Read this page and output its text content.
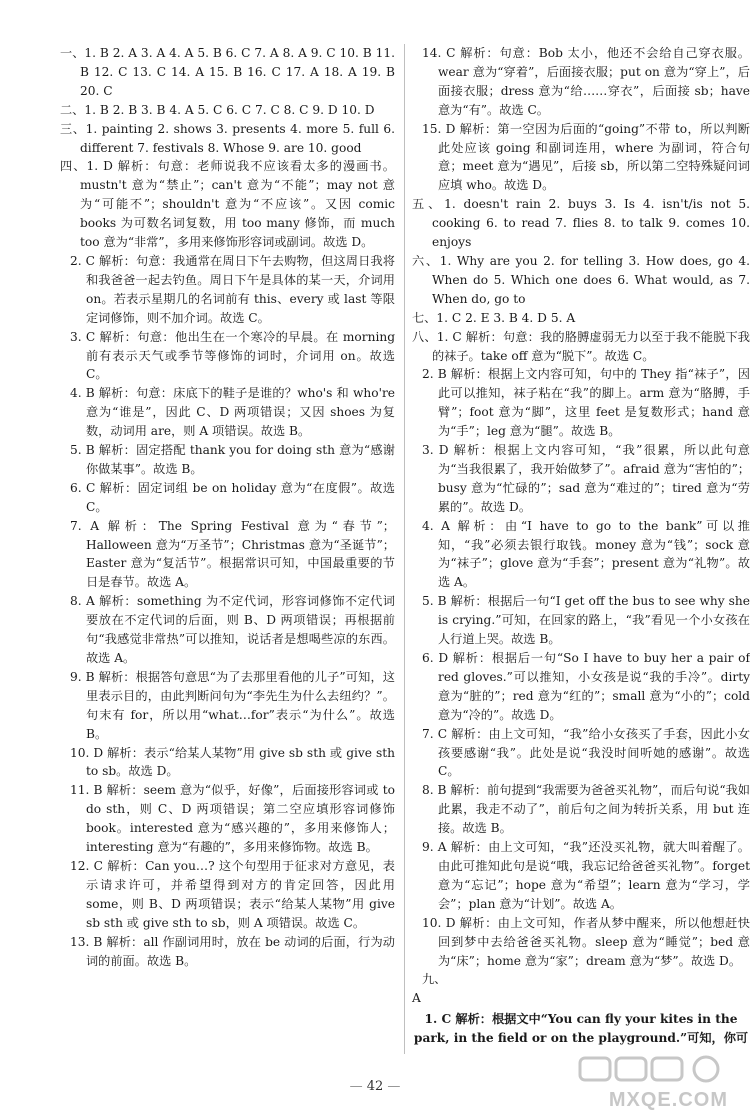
一、1. B 2. A 3. A 4. A 5. B 6. C 7. A 8. A 9. C 10. B 11. B 12. C 13. C 14. A 15. B 16. C 17. A 18. A 19. B 20. C

二、1. B 2. B 3. B 4. A 5. C 6. C 7. C 8. C 9. D 10. D

三、1. painting 2. shows 3. presents 4. more 5. full 6. different 7. festivals 8. Whose 9. are 10. good

四、1. D 解析：句意：老师说我不应该看太多的漫画书。mustn't 意为“禁止”；can't 意为“不能”；may not 意为“可能不”；shouldn't 意为“不应该”。又因 comic books 为可数名词复数，用 too many 修饰，而 much too 意为“非常”，多用来修饰形容词或副词。故选 D。

2. C 解析：句意：我通常在周日下午去购物，但这周日我将和我爸爸一起去钓鱼。周日下午是具体的某一天，介词用 on。若表示星期几的名词前有 this、every 或 last 等限定词修饰，则不加介词。故选 C。

3. C 解析：句意：他出生在一个寒冷的早晨。在 morning 前有表示天气或季节等修饰的词时，介词用 on。故选 C。

4. B 解析：句意：床底下的鞋子是谁的？who's 和 who're 意为“谁是”，因此 C、D 两项错误；又因 shoes 为复数，动词用 are，则 A 项错误。故选 B。

5. B 解析：固定搭配 thank you for doing sth 意为“感谢你做某事”。故选 B。

6. C 解析：固定词组 be on holiday 意为“在度假”。故选 C。

7. A 解析：The Spring Festival 意为“春节”；Halloween 意为“万圣节”；Christmas 意为“圣诞节”；Easter 意为“复活节”。根据常识可知，中国最重要的节日是春节。故选 A。

8. A 解析：something 为不定代词，形容词修饰不定代词要放在不定代词的后面，则 B、D 两项错误；再根据前句“我感觉非常热”可以推知，说话者是想喝些凉的东西。故选 A。

9. B 解析：根据答句意思“为了去那里看他的儿子”可知，这里表示目的，由此判断问句为“李先生为什么去纽约？”。句末有 for，所以用“what…for”表示“为什么”。故选 B。

10. D 解析：表示“给某人某物”用 give sb sth 或 give sth to sb。故选 D。

11. B 解析：seem 意为“似乎，好像”，后面接形容词或 to do sth，则 C、D 两项错误；第二空应填形容词修饰 book。interested 意为“感兴趣的”，多用来修饰人；interesting 意为“有趣的”，多用来修饰物。故选 B。

12. C 解析：Can you…? 这个句型用于征求对方意见，表示请求许可，并希望得到对方的肯定回答，因此用 some，则 B、D 两项错误；表示“给某人某物”用 give sb sth 或 give sth to sb，则 A 项错误。故选 C。

13. B 解析：all 作副词用时，放在 be 动词的后面，行为动词的前面。故选 B。

14. C 解析：句意：Bob 太小，他还不会给自己穿衣服。wear 意为“穿着”，后面接衣服；put on 意为“穿上”，后面接衣服；dress 意为“给……穿衣”，后面接 sb；have 意为“有”。故选 C。

15. D 解析：第一空因为后面的“going”不带 to，所以判断此处应该 going 和副词连用，where 为副词，符合句意；meet 意为“遇见”，后接 sb，所以第二空特殊疑问词应填 who。故选 D。

五、1. doesn't rain 2. buys 3. Is 4. isn't/is not 5. cooking 6. to read 7. flies 8. to talk 9. comes 10. enjoys

六、1. Why are you 2. for telling 3. How does, go 4. When do 5. Which one does 6. What would, as 7. When do, go to

七、1. C 2. E 3. B 4. D 5. A

八、1. C 解析：句意：我的胳膊虚弱无力以至于我不能脱下我的袜子。take off 意为“脱下”。故选 C。

2. B 解析：根据上文内容可知，句中的 They 指“袜子”，因此可以推知，袜子粘在“我”的脚上。arm 意为“胳膊，手臂”；foot 意为“脚”，这里 feet 是复数形式；hand 意为“手”；leg 意为“腿”。故选 B。

3. D 解析：根据上文内容可知，“我”很累，所以此句意为“当我很累了，我开始做梦了”。afraid 意为“害怕的”；busy 意为“忙碌的”；sad 意为“难过的”；tired 意为“劳累的”。故选 D。

4. A 解析：由“I have to go to the bank”可以推知，“我”必须去银行取钱。money 意为“钱”；sock 意为“袜子”；glove 意为“手套”；present 意为“礼物”。故选 A。

5. B 解析：根据后一句“I get off the bus to see why she is crying.”可知，在回家的路上，“我”看见一个小女孩在人行道上哭。故选 B。

6. D 解析：根据后一句“So I have to buy her a pair of red gloves.”可以推知，小女孩是说“我的手冷”。dirty 意为“脏的”；red 意为“红的”；small 意为“小的”；cold 意为“冷的”。故选 D。

7. C 解析：由上文可知，“我”给小女孩买了手套，因此小女孩要感谢“我”。此处是说“我没时间听她的感谢”。故选 C。

8. B 解析：前句提到“我需要为爸爸买礼物”，而后句说“我如此累，我走不动了”，前后句之间为转折关系，用 but 连接。故选 B。

9. A 解析：由上文可知，“我”还没买礼物，就大叫着醒了。由此可推知此句是说“哦，我忘记给爸爸买礼物”。forget 意为“忘记”；hope 意为“希望”；learn 意为“学习，学会”；plan 意为“计划”。故选 A。

10. D 解析：由上文可知，作者从梦中醒来，所以他想赶快回到梦中去给爸爸买礼物。sleep 意为“睡觉”；bed 意为“床”；home 意为“家”；dream 意为“梦”。故选 D。

九、

A

1. C 解析：根据文中“You can fly your kites in the park, in the field or on the playground.”可知，你可

— 42 —
MXQE.COM
